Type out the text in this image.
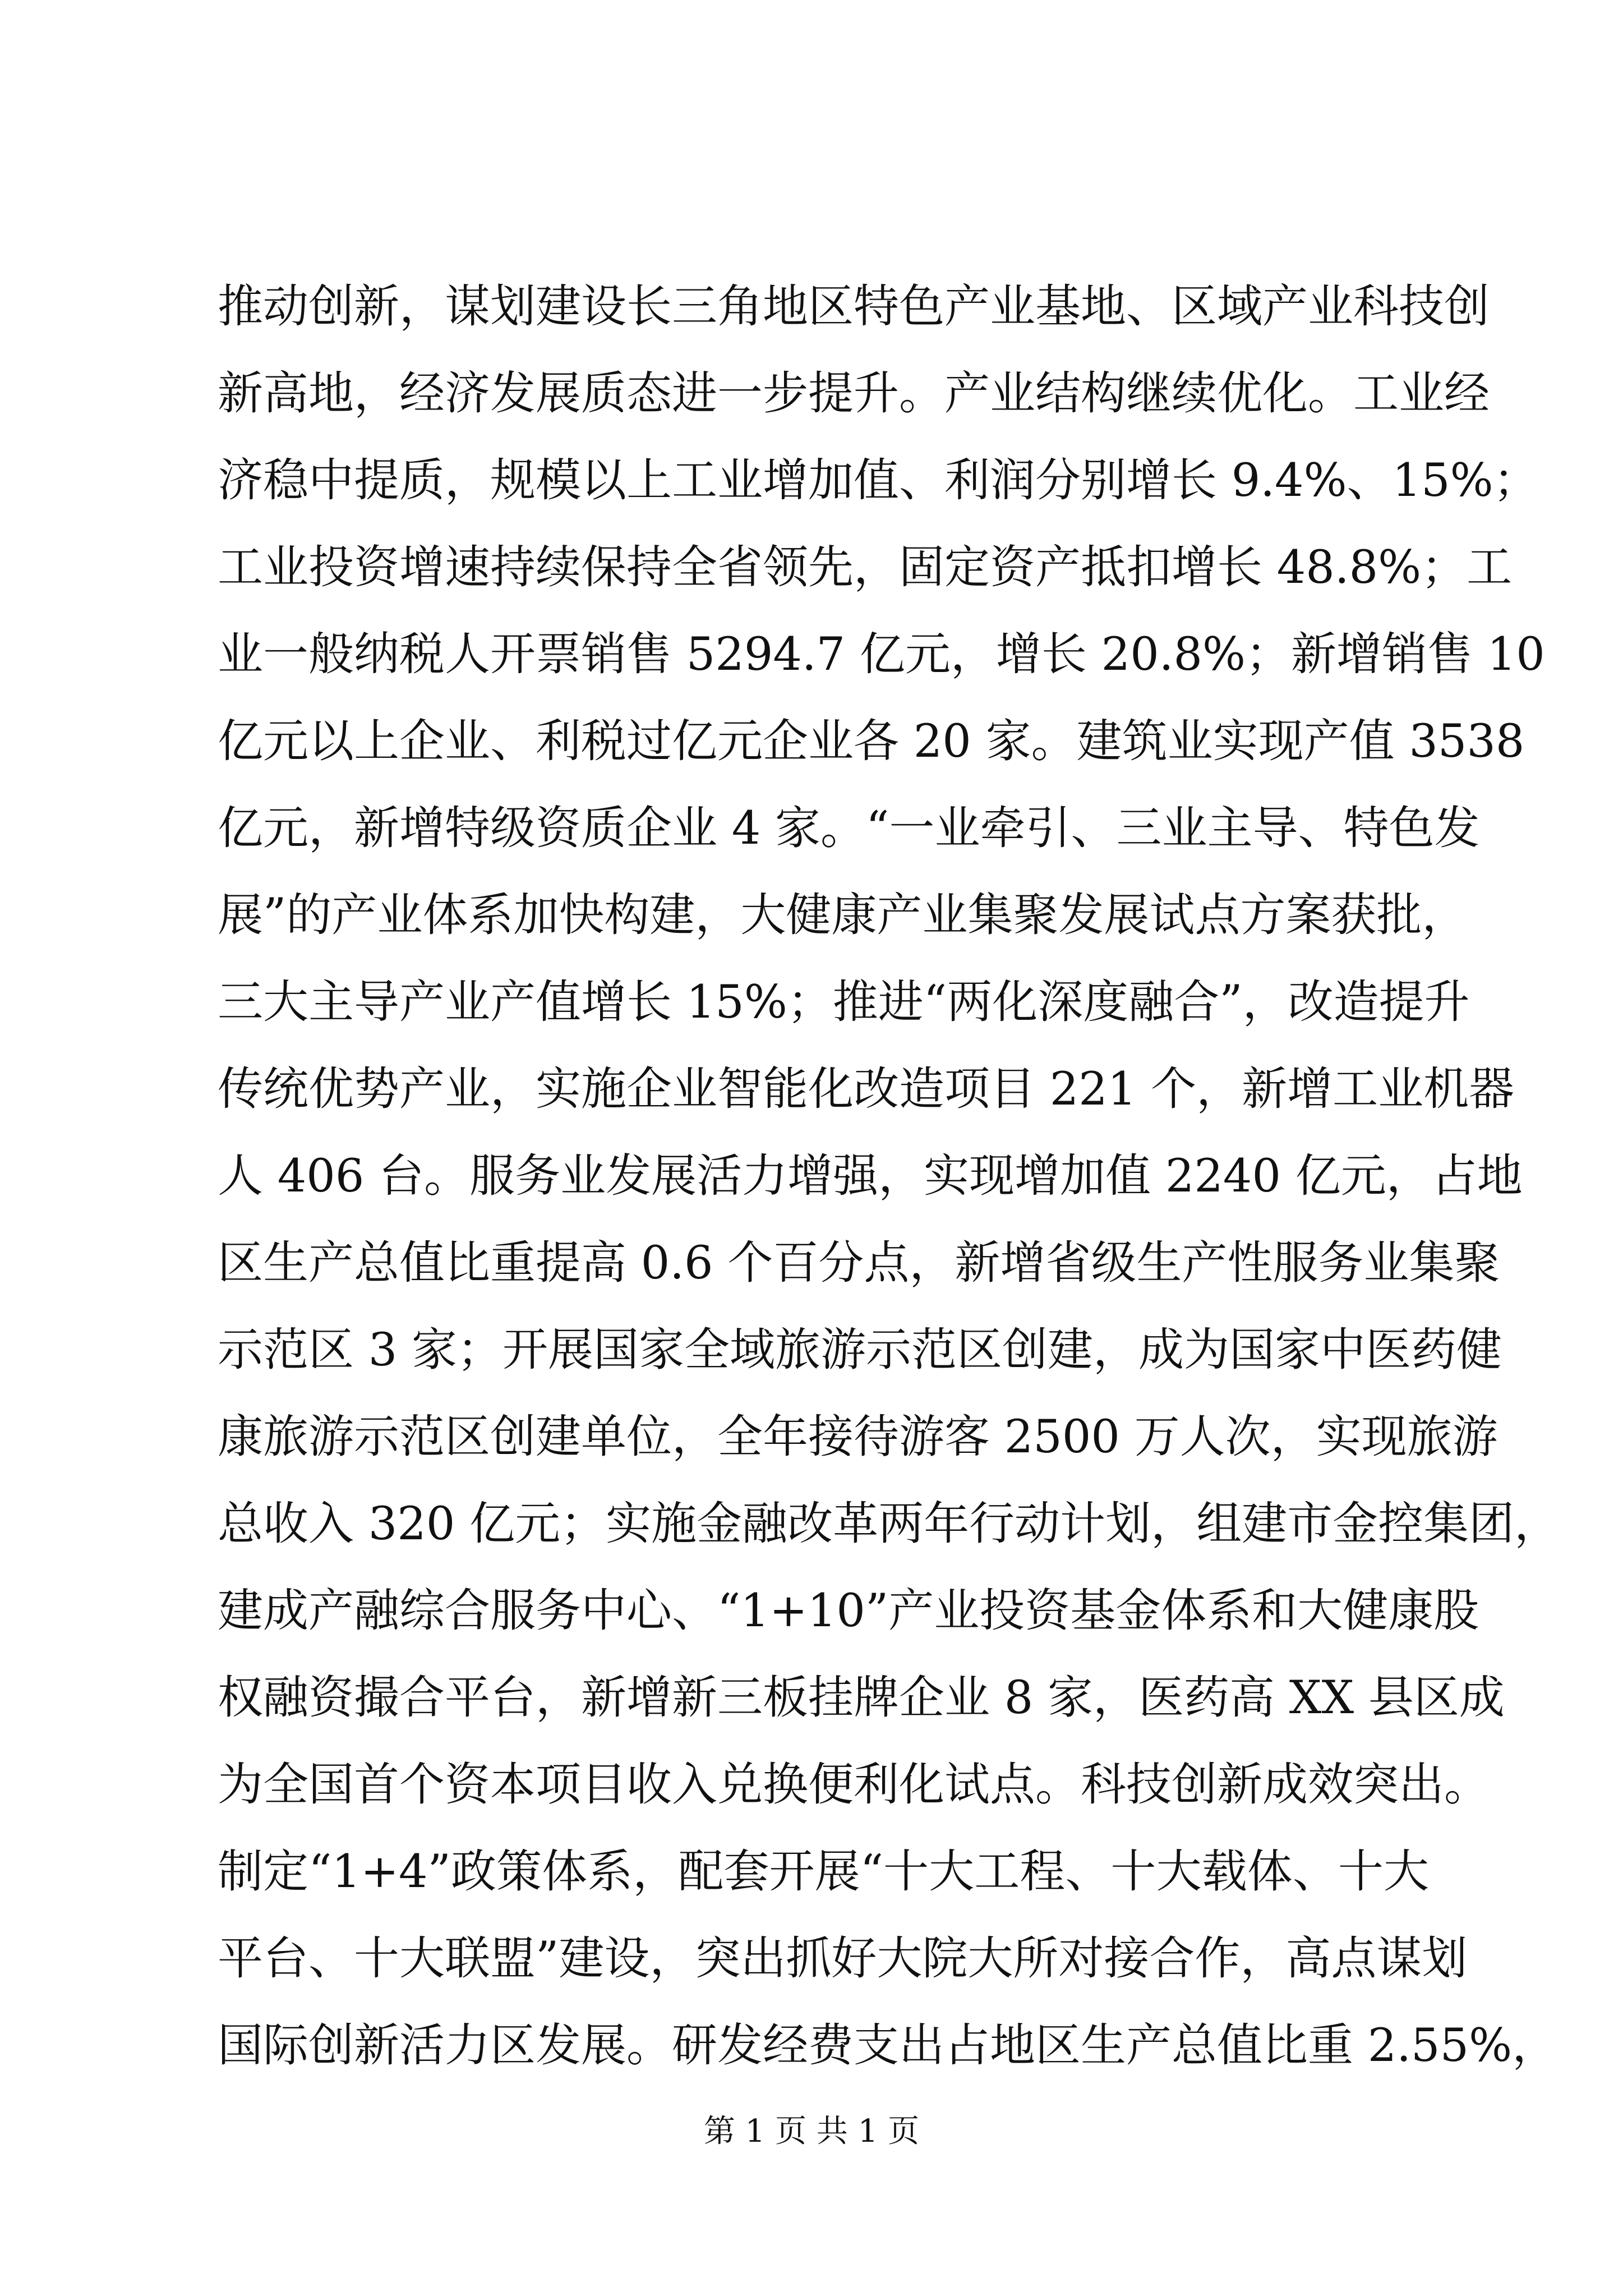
推动创新，谋划建设长三角地区特色产业基地、区域产业科技创
新高地，经济发展质态进一步提升。产业结构继续优化。工业经
济稳中提质，规模以上工业增加值、利润分别增长 9.4%、15%；
工业投资增速持续保持全省领先，固定资产抵扣增长 48.8%；工
业一般纳税人开票销售 5294.7 亿元，增长 20.8%；新增销售 10
亿元以上企业、利税过亿元企业各 20 家。建筑业实现产值 3538
亿元，新增特级资质企业 4 家。“一业牵引、三业主导、特色发
展”的产业体系加快构建，大健康产业集聚发展试点方案获批，
三大主导产业产值增长 15%；推进“两化深度融合”，改造提升
传统优势产业，实施企业智能化改造项目 221 个，新增工业机器
人 406 台。服务业发展活力增强，实现增加值 2240 亿元，占地
区生产总值比重提高 0.6 个百分点，新增省级生产性服务业集聚
示范区 3 家；开展国家全域旅游示范区创建，成为国家中医药健
康旅游示范区创建单位，全年接待游客 2500 万人次，实现旅游
总收入 320 亿元；实施金融改革两年行动计划，组建市金控集团，
建成产融综合服务中心、“1+10”产业投资基金体系和大健康股
权融资撮合平台，新增新三板挂牌企业 8 家，医药高 XX 县区成
为全国首个资本项目收入兑换便利化试点。科技创新成效突出。
制定“1+4”政策体系，配套开展“十大工程、十大载体、十大
平台、十大联盟”建设，突出抓好大院大所对接合作，高点谋划
国际创新活力区发展。研发经费支出占地区生产总值比重 2.55%，
第 1 页 共 1 页
